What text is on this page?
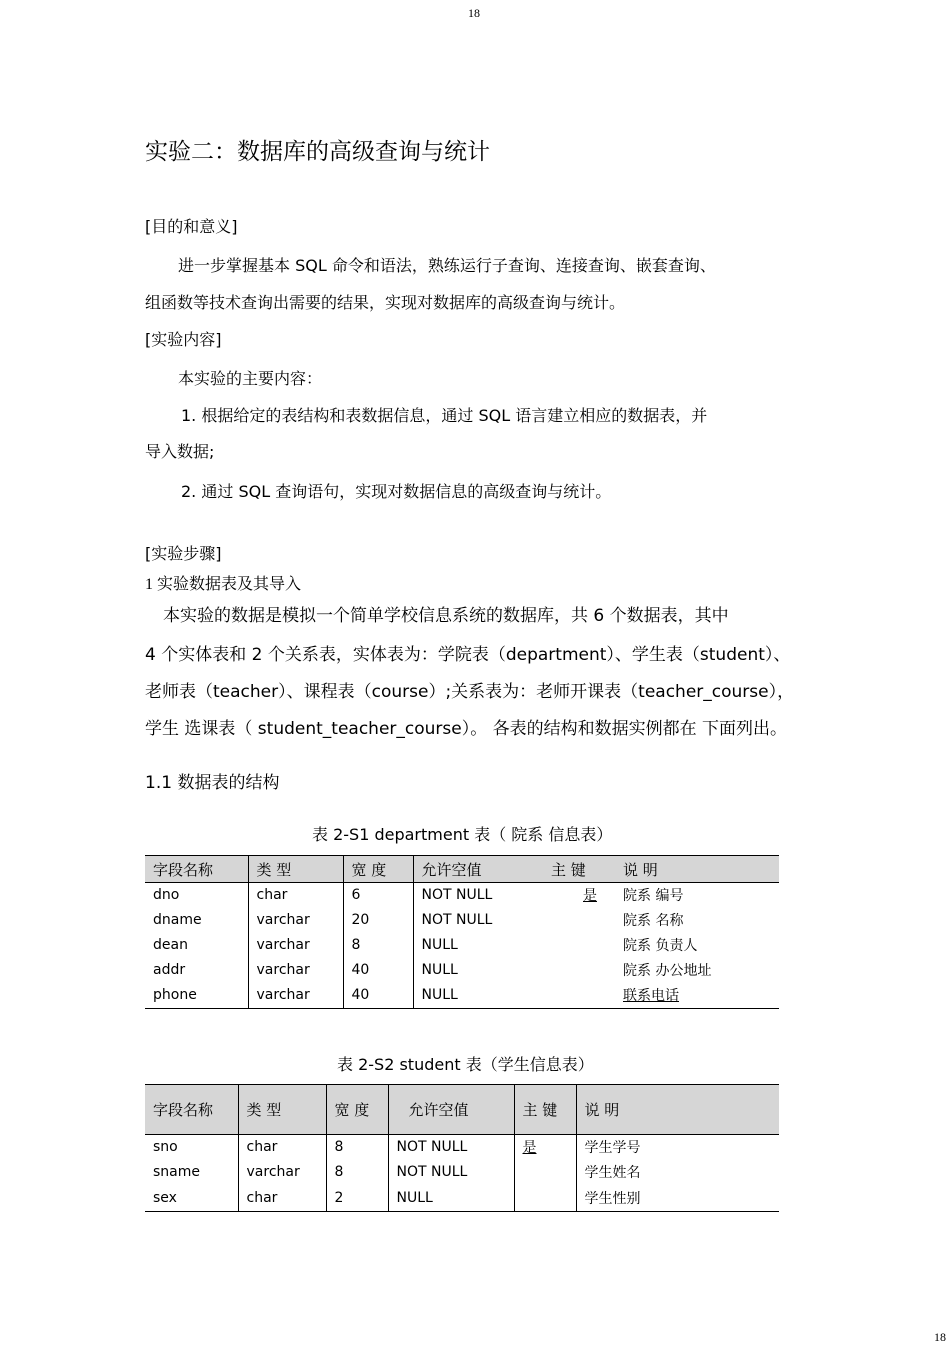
18
实验二：数据库的高级查询与统计
[目的和意义]
进一步掌握基本 SQL 命令和语法，熟练运行子查询、连接查询、嵌套查询、
组函数等技术查询出需要的结果，实现对数据库的高级查询与统计。
[实验内容]
本实验的主要内容：
1. 根据给定的表结构和表数据信息，通过 SQL 语言建立相应的数据表，并
导入数据;
2. 通过 SQL 查询语句，实现对数据信息的高级查询与统计。
[实验步骤]
1 实验数据表及其导入
本实验的数据是模拟一个简单学校信息系统的数据库，共 6 个数据表，其中
4 个实体表和 2 个关系表，实体表为：学院表（department）、学生表（student）、
老师表（teacher）、课程表（course）;关系表为：老师开课表（teacher_course），
学生 选课表（ student_teacher_course）。 各表的结构和数据实例都在 下面列出。
1.1 数据表的结构
表 2-S1 department 表（ 院系 信息表）
字段名称	类 型	宽 度	允许空值	主 键	说 明
dno	char	6	NOT NULL	是	院系 编号
dname	varchar	20	NOT NULL		院系 名称
dean	varchar	8	NULL		院系 负责人
addr	varchar	40	NULL		院系 办公地址
phone	varchar	40	NULL		联系电话
表 2-S2 student 表（学生信息表）
字段名称	类 型	宽 度	允许空值	主 键	说 明
sno	char	8	NOT NULL	是	学生学号
sname	varchar	8	NOT NULL		学生姓名
sex	char	2	NULL		学生性别
18
